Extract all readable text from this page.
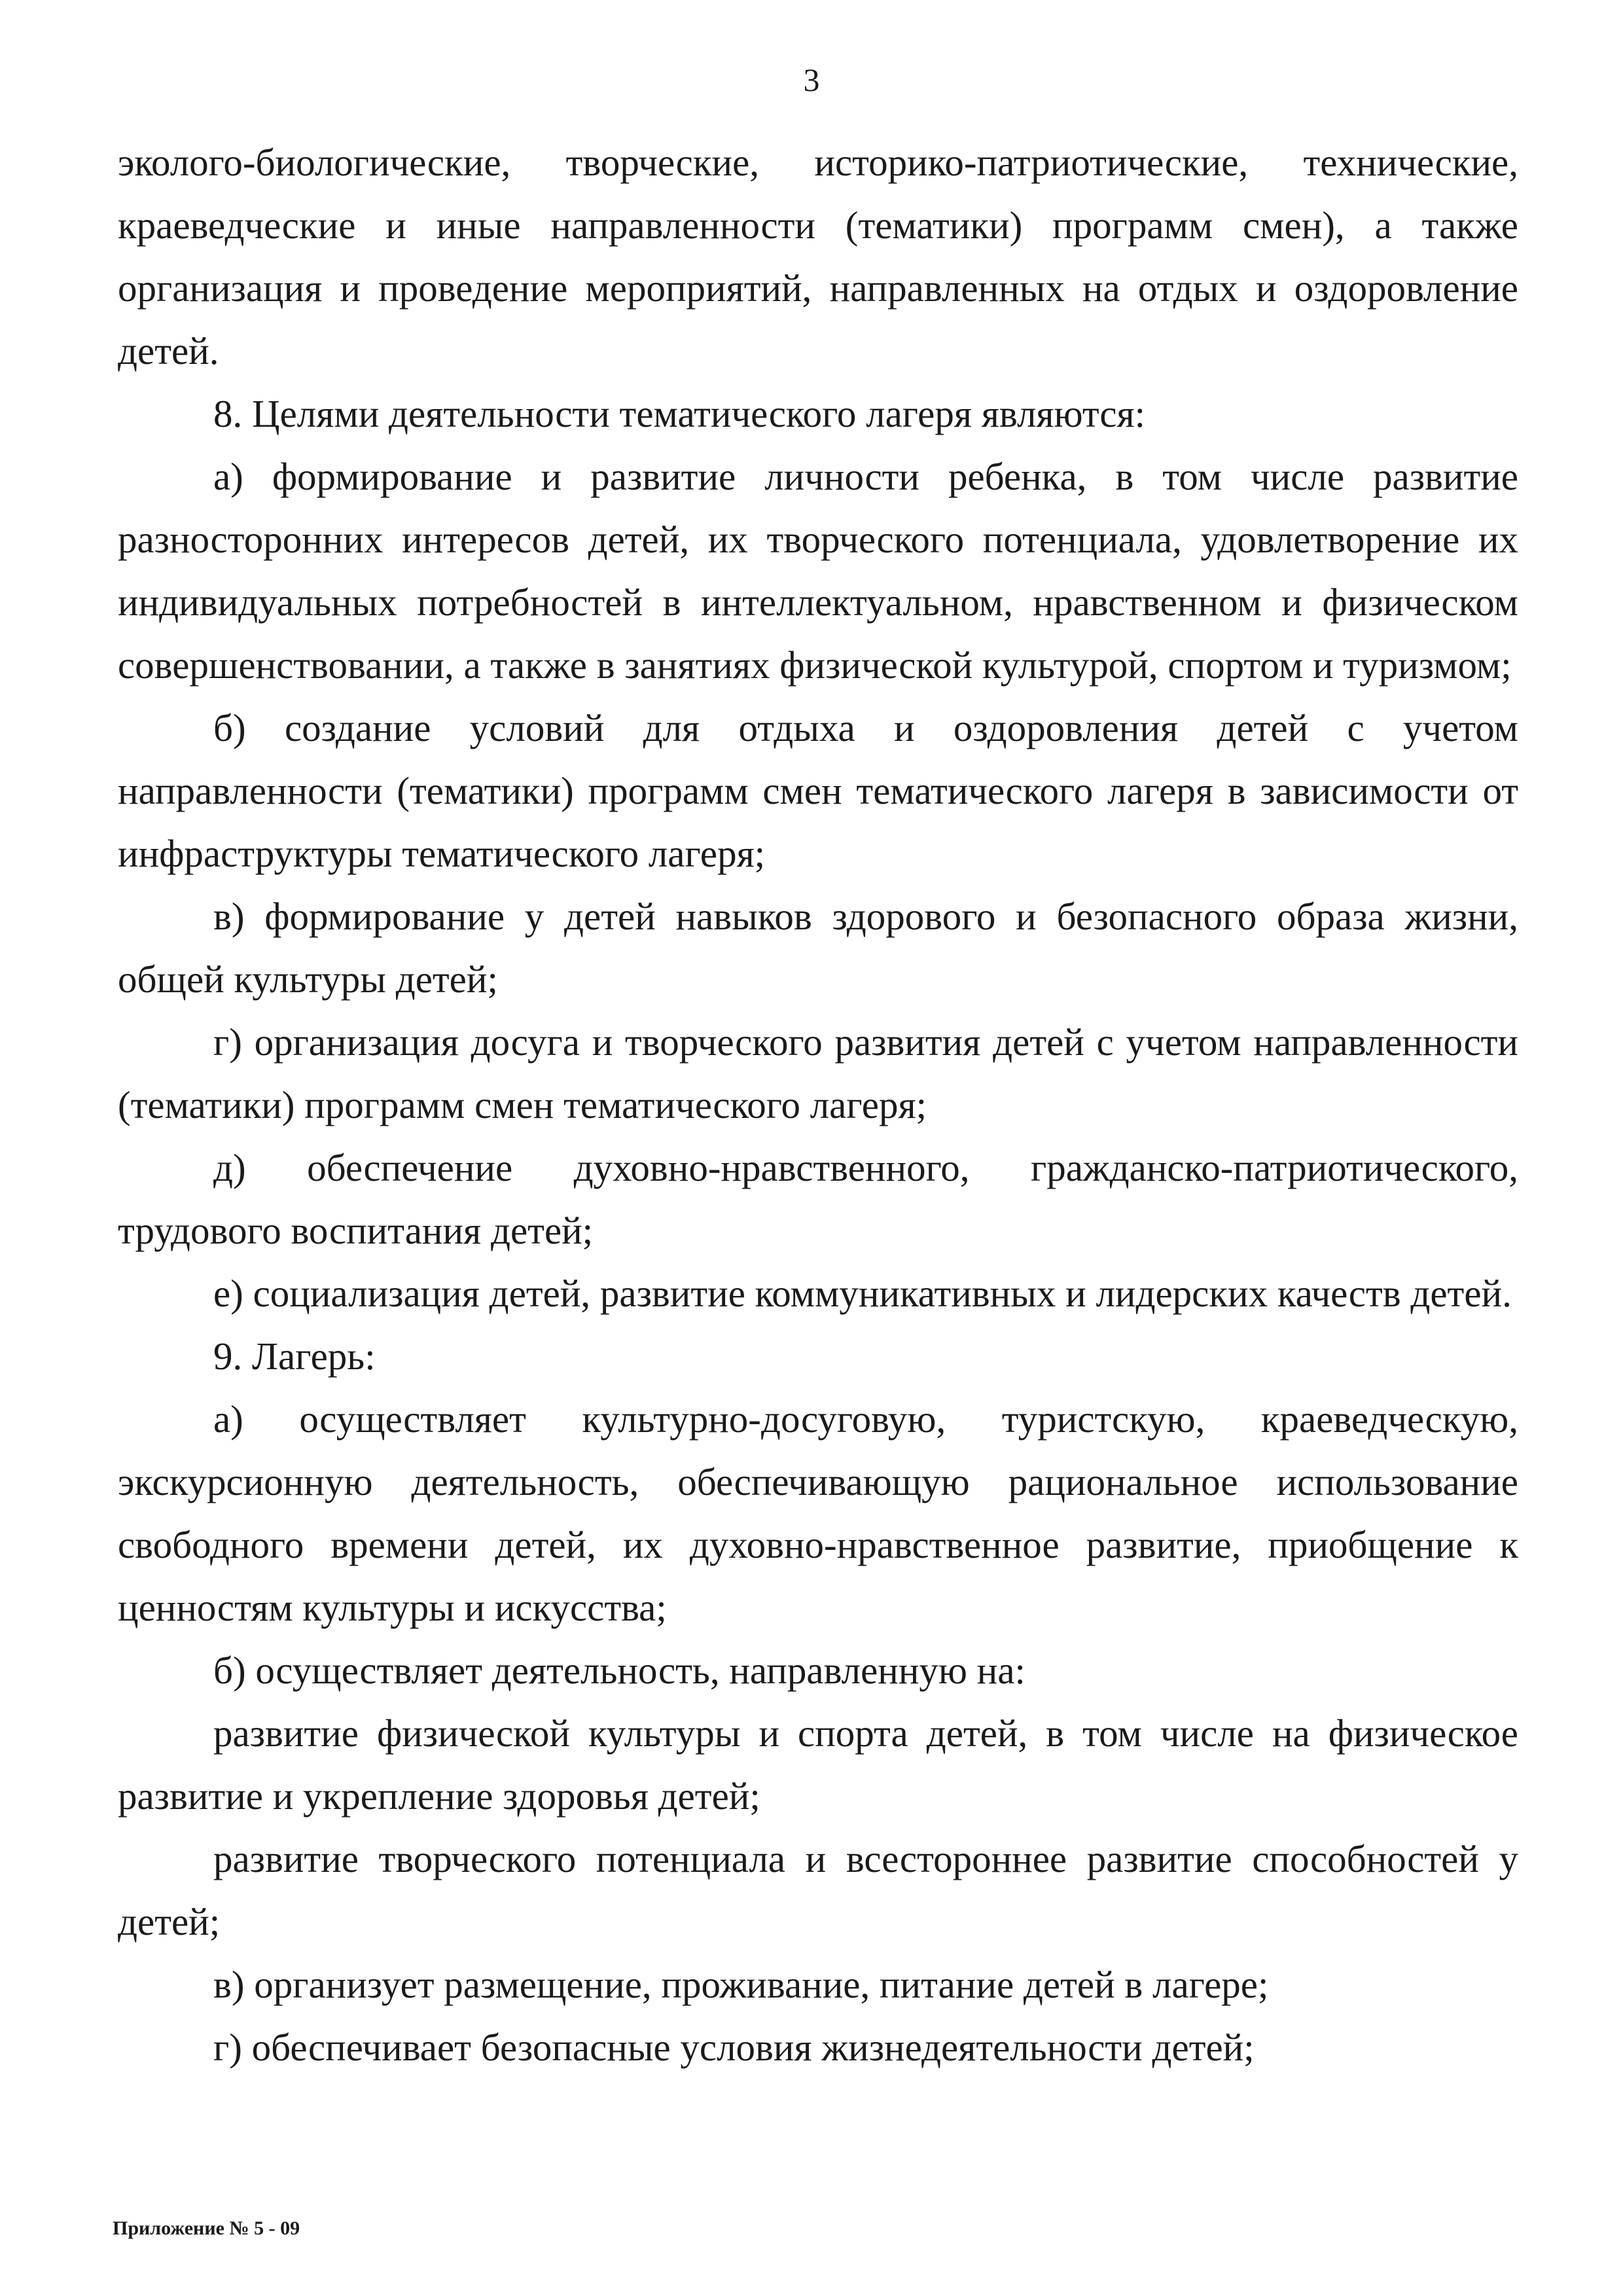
3

эколого-биологические, творческие, историко-патриотические, технические, краеведческие и иные направленности (тематики) программ смен), а также организация и проведение мероприятий, направленных на отдых и оздоровление детей.

8. Целями деятельности тематического лагеря являются:

а) формирование и развитие личности ребенка, в том числе развитие разносторонних интересов детей, их творческого потенциала, удовлетворение их индивидуальных потребностей в интеллектуальном, нравственном и физическом совершенствовании, а также в занятиях физической культурой, спортом и туризмом;

б) создание условий для отдыха и оздоровления детей с учетом направленности (тематики) программ смен тематического лагеря в зависимости от инфраструктуры тематического лагеря;

в) формирование у детей навыков здорового и безопасного образа жизни, общей культуры детей;

г) организация досуга и творческого развития детей с учетом направленности (тематики) программ смен тематического лагеря;

д) обеспечение духовно-нравственного, гражданско-патриотического, трудового воспитания детей;

е) социализация детей, развитие коммуникативных и лидерских качеств детей.

9. Лагерь:

а) осуществляет культурно-досуговую, туристскую, краеведческую, экскурсионную деятельность, обеспечивающую рациональное использование свободного времени детей, их духовно-нравственное развитие, приобщение к ценностям культуры и искусства;

б) осуществляет деятельность, направленную на:

развитие физической культуры и спорта детей, в том числе на физическое развитие и укрепление здоровья детей;

развитие творческого потенциала и всестороннее развитие способностей у детей;

в) организует размещение, проживание, питание детей в лагере;

г) обеспечивает безопасные условия жизнедеятельности детей;

Приложение № 5 - 09
